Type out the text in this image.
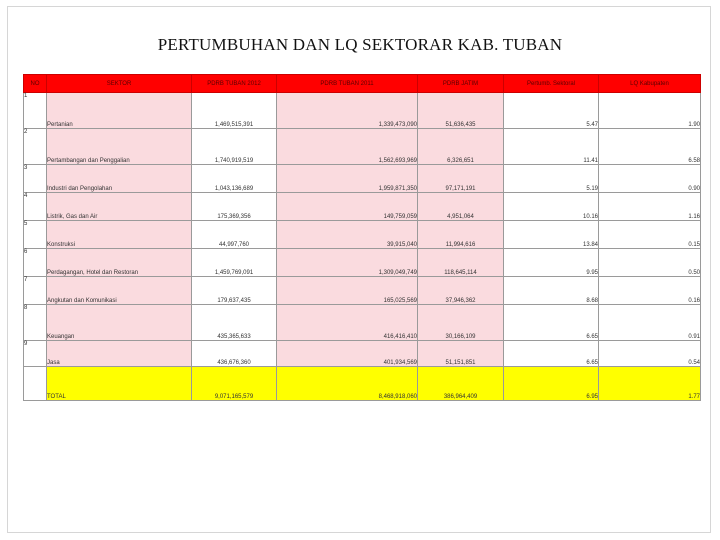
PERTUMBUHAN DAN LQ SEKTORAR KAB. TUBAN
NO	SEKTOR	PDRB TUBAN 2012	PDRB TUBAN 2011	PDRB JATIM	Pertumb. Sektoral	LQ Kabupaten
1	Pertanian	1,469,515,391	1,339,473,090	51,636,435	5.47	1.90
2	Pertambangan dan Penggalian	1,740,919,519	1,562,693,969	6,326,651	11.41	6.58
3	Industri dan Pengolahan	1,043,136,689	1,959,871,350	97,171,191	5.19	0.90
4	Listrik, Gas dan Air	175,369,356	149,759,059	4,951,064	10.16	1.16
5	Konstruksi	44,997,760	39,915,040	11,994,616	13.84	0.15
6	Perdagangan, Hotel dan Restoran	1,459,769,091	1,309,049,749	118,645,114	9.95	0.50
7	Angkutan dan Komunikasi	179,637,435	165,025,569	37,946,362	8.68	0.16
8	Keuangan	435,365,633	416,416,410	30,166,109	6.65	0.91
9	Jasa	436,676,360	401,934,569	51,151,851	6.65	0.54
	TOTAL	9,071,165,579	8,468,918,060	386,964,409	6.95	1.77
